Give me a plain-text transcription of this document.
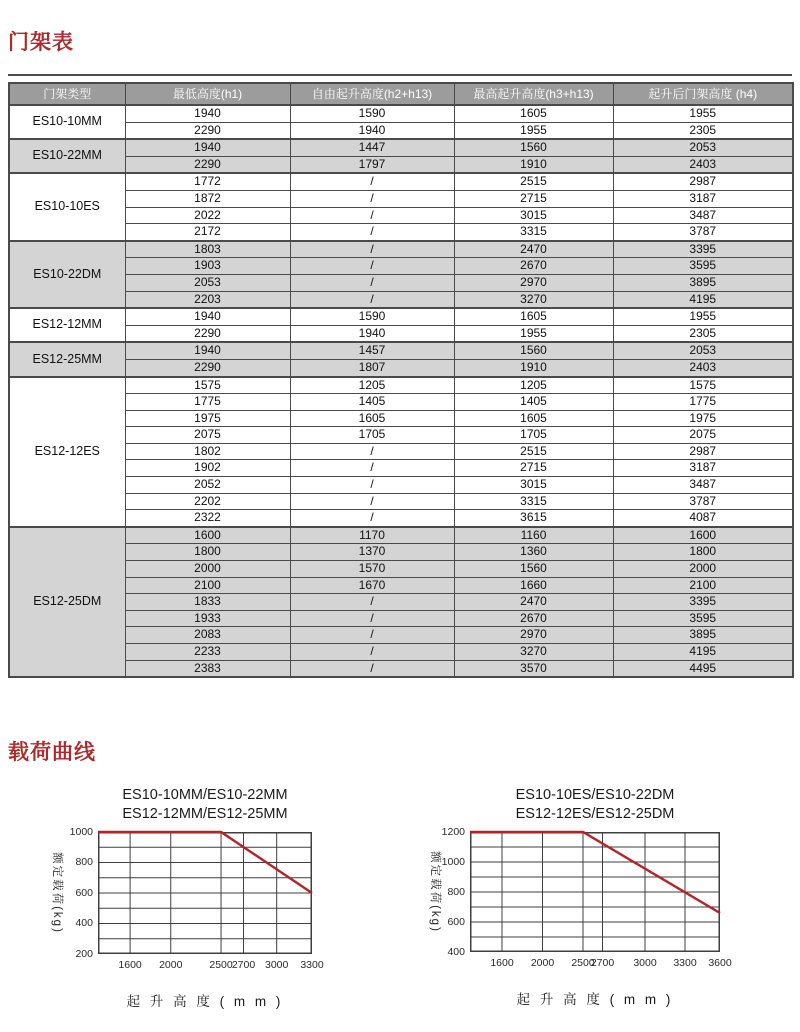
门架表
门架类型	最低高度(h1)	自由起升高度(h2+h13)	最高起升高度(h3+h13)	起升后门架高度 (h4)
ES10-10MM	1940	1590	1605	1955
	2290	1940	1955	2305
ES10-22MM	1940	1447	1560	2053
	2290	1797	1910	2403
ES10-10ES	1772	/	2515	2987
	1872	/	2715	3187
	2022	/	3015	3487
	2172	/	3315	3787
ES10-22DM	1803	/	2470	3395
	1903	/	2670	3595
	2053	/	2970	3895
	2203	/	3270	4195
ES12-12MM	1940	1590	1605	1955
	2290	1940	1955	2305
ES12-25MM	1940	1457	1560	2053
	2290	1807	1910	2403
ES12-12ES	1575	1205	1205	1575
	1775	1405	1405	1775
	1975	1605	1605	1975
	2075	1705	1705	2075
	1802	/	2515	2987
	1902	/	2715	3187
	2052	/	3015	3487
	2202	/	3315	3787
	2322	/	3615	4087
ES12-25DM	1600	1170	1160	1600
	1800	1370	1360	1800
	2000	1570	1560	2000
	2100	1670	1660	2100
	1833	/	2470	3395
	1933	/	2670	3595
	2083	/	2970	3895
	2233	/	3270	4195
	2383	/	3570	4495
载荷曲线
ES10-10MM/ES10-22MM
ES12-12MM/ES12-25MM
额定载荷(kg)
1000
800
600
400
200
1600	2000	2500 2700 3000	3300
起 升 高 度 ( m m )
ES10-10ES/ES10-22DM
ES12-12ES/ES12-25DM
额定载荷(kg)
1200
1000
800
600
400
1600	2000	2500
2700	3000	3300	3600
起 升 高 度 ( m m )
